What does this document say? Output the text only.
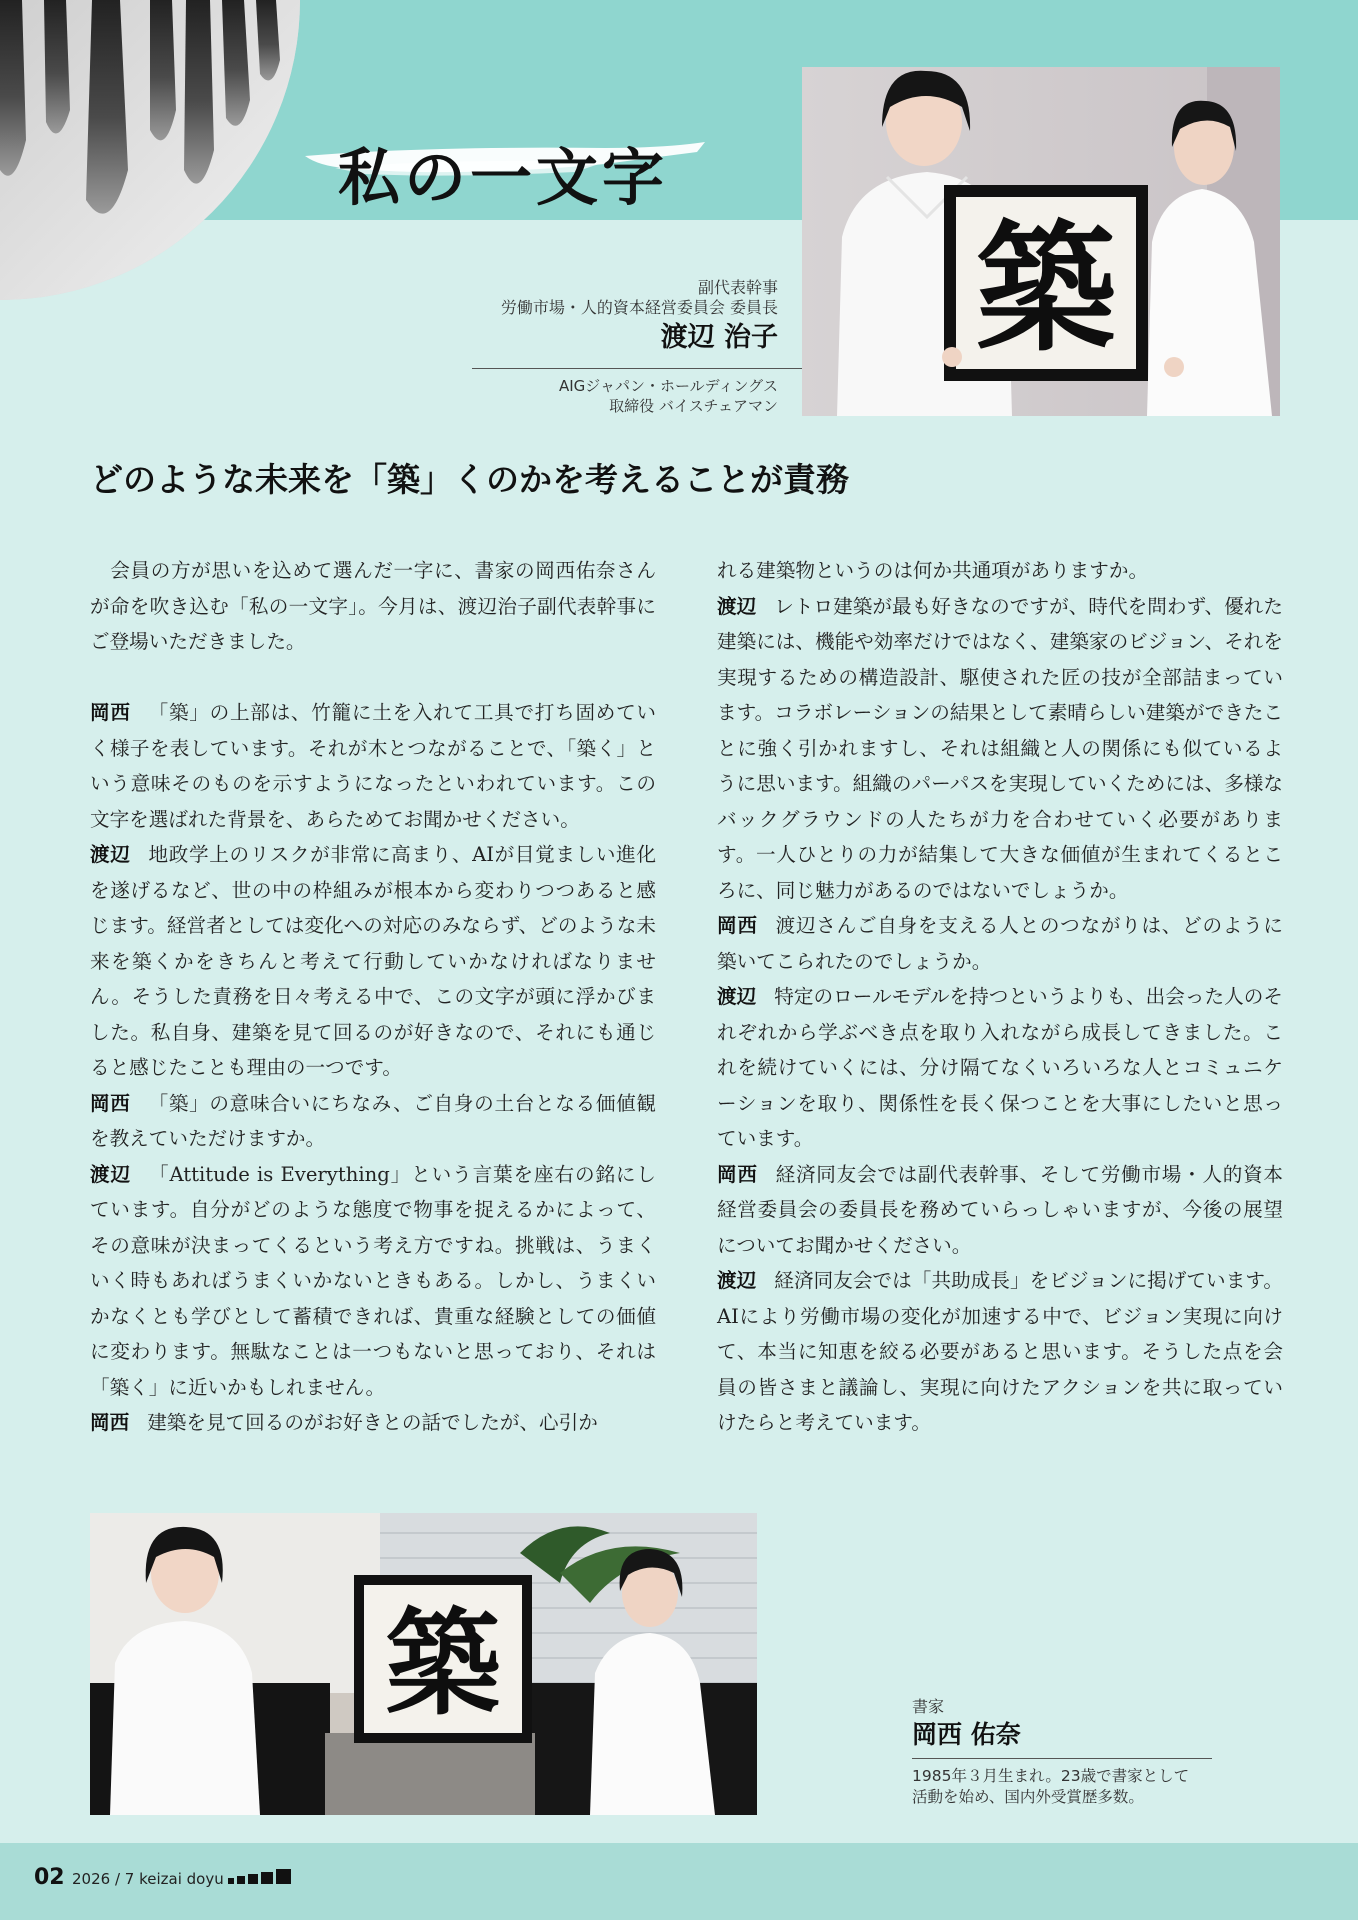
私の一文字
築
副代表幹事
労働市場・人的資本経営委員会 委員長
渡辺 治子
AIGジャパン・ホールディングス
取締役 バイスチェアマン
どのような未来を「築」くのかを考えることが責務

　会員の方が思いを込めて選んだ一字に、書家の岡西佑奈さんが命を吹き込む「私の一文字」。今月は、渡辺治子副代表幹事にご登場いただきました。

岡西 「築」の上部は、竹籠に土を入れて工具で打ち固めていく様子を表しています。それが木とつながることで、「築く」という意味そのものを示すようになったといわれています。この文字を選ばれた背景を、あらためてお聞かせください。

渡辺 地政学上のリスクが非常に高まり、AIが目覚ましい進化を遂げるなど、世の中の枠組みが根本から変わりつつあると感じます。経営者としては変化への対応のみならず、どのような未来を築くかをきちんと考えて行動していかなければなりません。そうした責務を日々考える中で、この文字が頭に浮かびました。私自身、建築を見て回るのが好きなので、それにも通じると感じたことも理由の一つです。

岡西 「築」の意味合いにちなみ、ご自身の土台となる価値観を教えていただけますか。

渡辺 「Attitude is Everything」という言葉を座右の銘にしています。自分がどのような態度で物事を捉えるかによって、その意味が決まってくるという考え方ですね。挑戦は、うまくいく時もあればうまくいかないときもある。しかし、うまくいかなくとも学びとして蓄積できれば、貴重な経験としての価値に変わります。無駄なことは一つもないと思っており、それは「築く」に近いかもしれません。

岡西 建築を見て回るのがお好きとの話でしたが、心引か

れる建築物というのは何か共通項がありますか。

渡辺 レトロ建築が最も好きなのですが、時代を問わず、優れた建築には、機能や効率だけではなく、建築家のビジョン、それを実現するための構造設計、駆使された匠の技が全部詰まっています。コラボレーションの結果として素晴らしい建築ができたことに強く引かれますし、それは組織と人の関係にも似ているように思います。組織のパーパスを実現していくためには、多様なバックグラウンドの人たちが力を合わせていく必要があります。一人ひとりの力が結集して大きな価値が生まれてくるところに、同じ魅力があるのではないでしょうか。

岡西 渡辺さんご自身を支える人とのつながりは、どのように築いてこられたのでしょうか。

渡辺 特定のロールモデルを持つというよりも、出会った人のそれぞれから学ぶべき点を取り入れながら成長してきました。これを続けていくには、分け隔てなくいろいろな人とコミュニケーションを取り、関係性を長く保つことを大事にしたいと思っています。

岡西 経済同友会では副代表幹事、そして労働市場・人的資本経営委員会の委員長を務めていらっしゃいますが、今後の展望についてお聞かせください。

渡辺 経済同友会では「共助成長」をビジョンに掲げています。AIにより労働市場の変化が加速する中で、ビジョン実現に向けて、本当に知恵を絞る必要があると思います。そうした点を会員の皆さまと議論し、実現に向けたアクションを共に取っていけたらと考えています。

築	書家
岡西 佑奈
1985年３月生まれ。23歳で書家として
活動を始め、国内外受賞歴多数。
02 2026 / 7 keizai doyu
